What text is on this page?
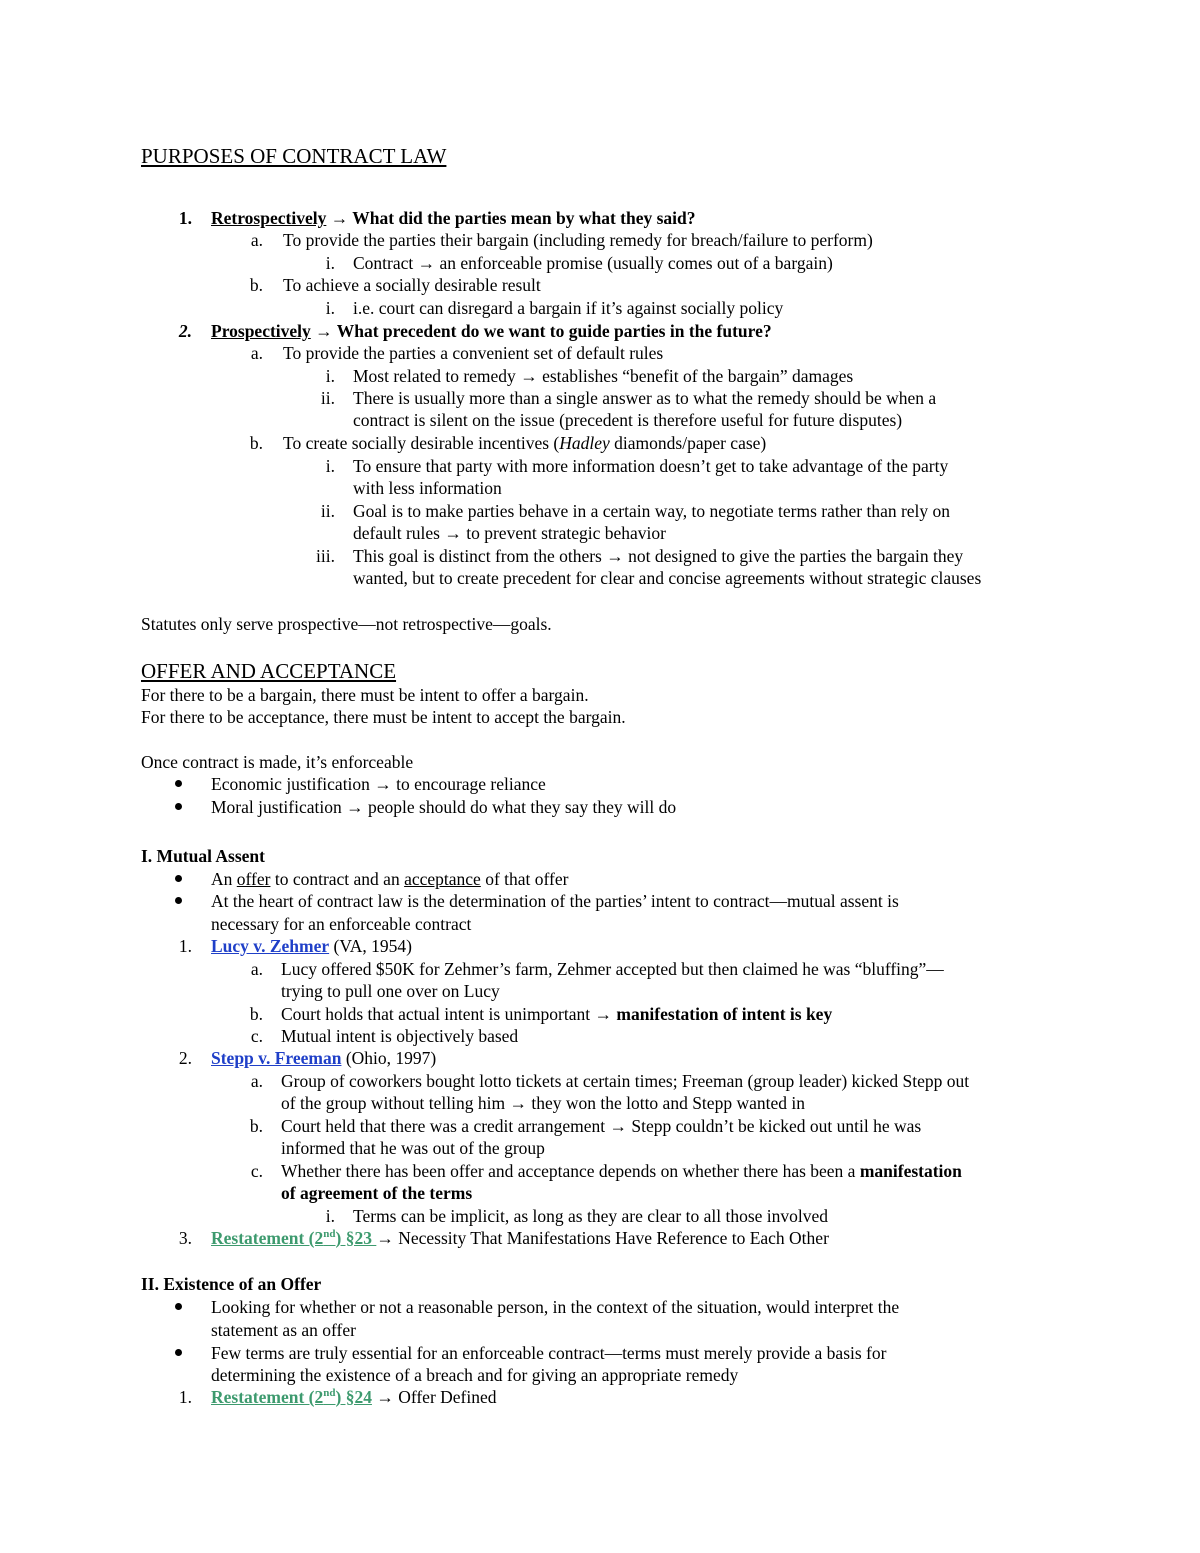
PURPOSES OF CONTRACT LAW
1. Retrospectively → What did the parties mean by what they said?
a. To provide the parties their bargain (including remedy for breach/failure to perform)
i. Contract → an enforceable promise (usually comes out of a bargain)
b. To achieve a socially desirable result
i. i.e. court can disregard a bargain if it’s against socially policy
2. Prospectively → What precedent do we want to guide parties in the future?
a. To provide the parties a convenient set of default rules
i. Most related to remedy → establishes “benefit of the bargain” damages
ii. There is usually more than a single answer as to what the remedy should be when a
contract is silent on the issue (precedent is therefore useful for future disputes)
b. To create socially desirable incentives (Hadley diamonds/paper case)
i. To ensure that party with more information doesn’t get to take advantage of the party
with less information
ii. Goal is to make parties behave in a certain way, to negotiate terms rather than rely on
default rules → to prevent strategic behavior
iii. This goal is distinct from the others → not designed to give the parties the bargain they
wanted, but to create precedent for clear and concise agreements without strategic clauses
Statutes only serve prospective—not retrospective—goals.
OFFER AND ACCEPTANCE
For there to be a bargain, there must be intent to offer a bargain.
For there to be acceptance, there must be intent to accept the bargain.
Once contract is made, it’s enforceable
Economic justification → to encourage reliance
Moral justification → people should do what they say they will do
I. Mutual Assent
An offer to contract and an acceptance of that offer
At the heart of contract law is the determination of the parties’ intent to contract—mutual assent is
necessary for an enforceable contract
1. Lucy v. Zehmer (VA, 1954)
a. Lucy offered $50K for Zehmer’s farm, Zehmer accepted but then claimed he was “bluffing”—
trying to pull one over on Lucy
b. Court holds that actual intent is unimportant → manifestation of intent is key
c. Mutual intent is objectively based
2. Stepp v. Freeman (Ohio, 1997)
a. Group of coworkers bought lotto tickets at certain times; Freeman (group leader) kicked Stepp out
of the group without telling him → they won the lotto and Stepp wanted in
b. Court held that there was a credit arrangement → Stepp couldn’t be kicked out until he was
informed that he was out of the group
c. Whether there has been offer and acceptance depends on whether there has been a manifestation
of agreement of the terms
i. Terms can be implicit, as long as they are clear to all those involved
3. Restatement (2nd) §23 → Necessity That Manifestations Have Reference to Each Other
II. Existence of an Offer
Looking for whether or not a reasonable person, in the context of the situation, would interpret the
statement as an offer
Few terms are truly essential for an enforceable contract—terms must merely provide a basis for
determining the existence of a breach and for giving an appropriate remedy
1. Restatement (2nd) §24 → Offer Defined
